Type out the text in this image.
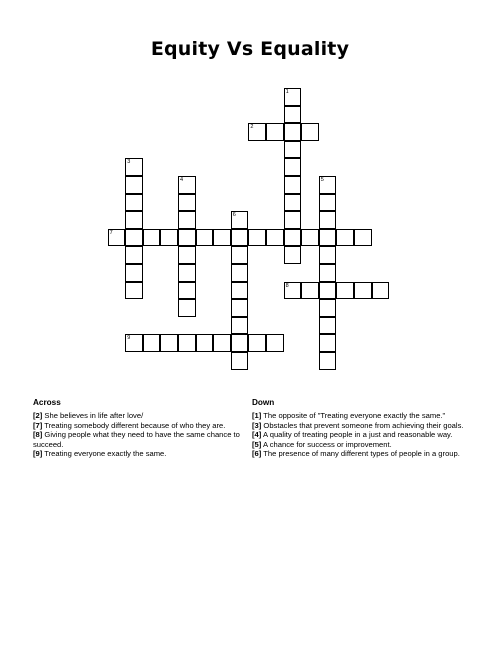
Equity Vs Equality
1
2
3
4	5
6
7
8
9
Across

[2] She believes in life after love/

[7] Treating somebody different because of who they are.

[8] Giving people what they need to have the same chance to succeed.

[9] Treating everyone exactly the same.

Down

[1] The opposite of "Treating everyone exactly the same."

[3] Obstacles that prevent someone from achieving their goals.

[4] A quality of treating people in a just and reasonable way.

[5] A chance for success or improvement.

[6] The presence of many different types of people in a group.
